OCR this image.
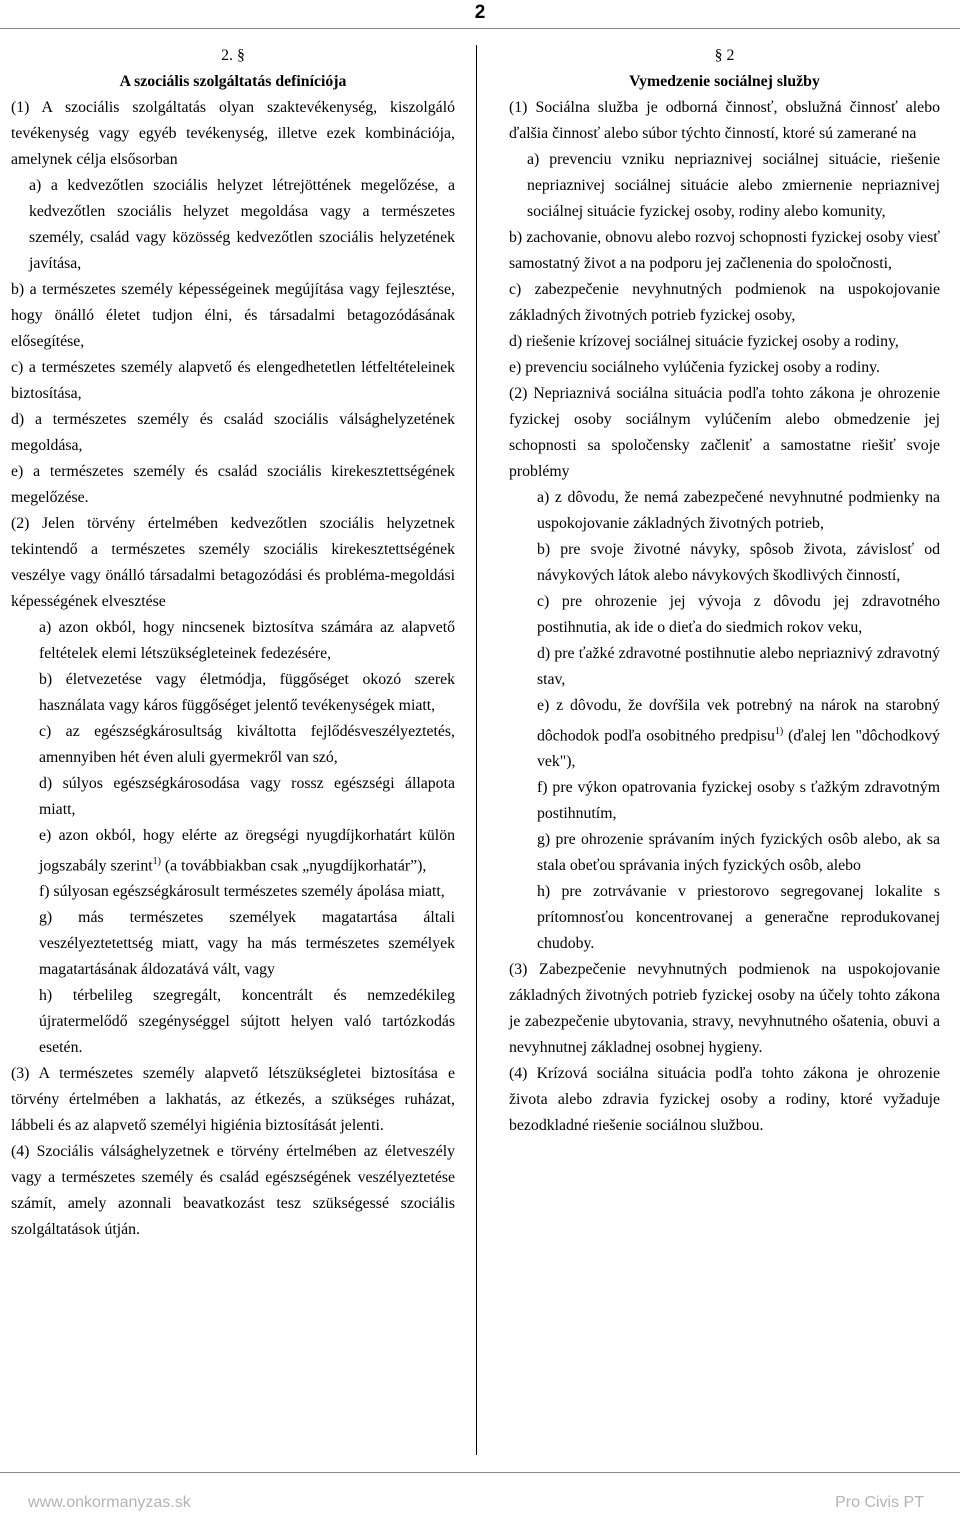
2

2. §

A szociális szolgáltatás definíciója

(1) A szociális szolgáltatás olyan szaktevékenység, kiszolgáló tevékenység vagy egyéb tevékenység, illetve ezek kombinációja, amelynek célja elsősorban

a) a kedvezőtlen szociális helyzet létrejöttének megelőzése, a kedvezőtlen szociális helyzet megoldása vagy a természetes személy, család vagy közösség kedvezőtlen szociális helyzetének javítása,

b) a természetes személy képességeinek megújítása vagy fejlesztése, hogy önálló életet tudjon élni, és társadalmi betagozódásának elősegítése,

c) a természetes személy alapvető és elengedhetetlen létfeltételeinek biztosítása,

d) a természetes személy és család szociális válsághelyzetének megoldása,

e) a természetes személy és család szociális kirekesztettségének megelőzése.

(2) Jelen törvény értelmében kedvezőtlen szociális helyzetnek tekintendő a természetes személy szociális kirekesztettségének veszélye vagy önálló társadalmi betagozódási és probléma-megoldási képességének elvesztése

a) azon okból, hogy nincsenek biztosítva számára az alapvető feltételek elemi létszükségleteinek fedezésére,

b) életvezetése vagy életmódja, függőséget okozó szerek használata vagy káros függőséget jelentő tevékenységek miatt,

c) az egészségkárosultság kiváltotta fejlődésveszélyeztetés, amennyiben hét éven aluli gyermekről van szó,

d) súlyos egészségkárosodása vagy rossz egészségi állapota miatt,

e) azon okból, hogy elérte az öregségi nyugdíjkorhatárt külön jogszabály szerint$^{1)}$ (a továbbiakban csak „nyugdíjkorhatár”),

f) súlyosan egészségkárosult természetes személy ápolása miatt,

g) más természetes személyek magatartása általi veszélyeztetettség miatt, vagy ha más természetes személyek magatartásának áldozatává vált, vagy

h) térbelileg szegregált, koncentrált és nemzedékileg újratermelődő szegénységgel sújtott helyen való tartózkodás esetén.

(3) A természetes személy alapvető létszükségletei biztosítása e törvény értelmében a lakhatás, az étkezés, a szükséges ruházat, lábbeli és az alapvető személyi higiénia biztosítását jelenti.

(4) Szociális válsághelyzetnek e törvény értelmében az életveszély vagy a természetes személy és család egészségének veszélyeztetése számít, amely azonnali beavatkozást tesz szükségessé szociális szolgáltatások útján.

§ 2

Vymedzenie sociálnej služby

(1) Sociálna služba je odborná činnosť, obslužná činnosť alebo ďalšia činnosť alebo súbor týchto činností, ktoré sú zamerané na

a) prevenciu vzniku nepriaznivej sociálnej situácie, riešenie nepriaznivej sociálnej situácie alebo zmiernenie nepriaznivej sociálnej situácie fyzickej osoby, rodiny alebo komunity,

b) zachovanie, obnovu alebo rozvoj schopnosti fyzickej osoby viesť samostatný život a na podporu jej začlenenia do spoločnosti,

c) zabezpečenie nevyhnutných podmienok na uspokojovanie základných životných potrieb fyzickej osoby,

d) riešenie krízovej sociálnej situácie fyzickej osoby a rodiny,

e) prevenciu sociálneho vylúčenia fyzickej osoby a rodiny.

(2) Nepriaznivá sociálna situácia podľa tohto zákona je ohrozenie fyzickej osoby sociálnym vylúčením alebo obmedzenie jej schopnosti sa spoločensky začleniť a samostatne riešiť svoje problémy

a) z dôvodu, že nemá zabezpečené nevyhnutné podmienky na uspokojovanie základných životných potrieb,

b) pre svoje životné návyky, spôsob života, závislosť od návykových látok alebo návykových škodlivých činností,

c) pre ohrozenie jej vývoja z dôvodu jej zdravotného postihnutia, ak ide o dieťa do siedmich rokov veku,

d) pre ťažké zdravotné postihnutie alebo nepriaznivý zdravotný stav,

e) z dôvodu, že dovŕšila vek potrebný na nárok na starobný dôchodok podľa osobitného predpisu$^{1)}$ (ďalej len "dôchodkový vek"),

f) pre výkon opatrovania fyzickej osoby s ťažkým zdravotným postihnutím,

g) pre ohrozenie správaním iných fyzických osôb alebo, ak sa stala obeťou správania iných fyzických osôb, alebo

h) pre zotrvávanie v priestorovo segregovanej lokalite s prítomnosťou koncentrovanej a generačne reprodukovanej chudoby.

(3) Zabezpečenie nevyhnutných podmienok na uspokojovanie základných životných potrieb fyzickej osoby na účely tohto zákona je zabezpečenie ubytovania, stravy, nevyhnutného ošatenia, obuvi a nevyhnutnej základnej osobnej hygieny.

(4) Krízová sociálna situácia podľa tohto zákona je ohrozenie života alebo zdravia fyzickej osoby a rodiny, ktoré vyžaduje bezodkladné riešenie sociálnou službou.

www.onkormanyzas.sk	Pro Civis PT
